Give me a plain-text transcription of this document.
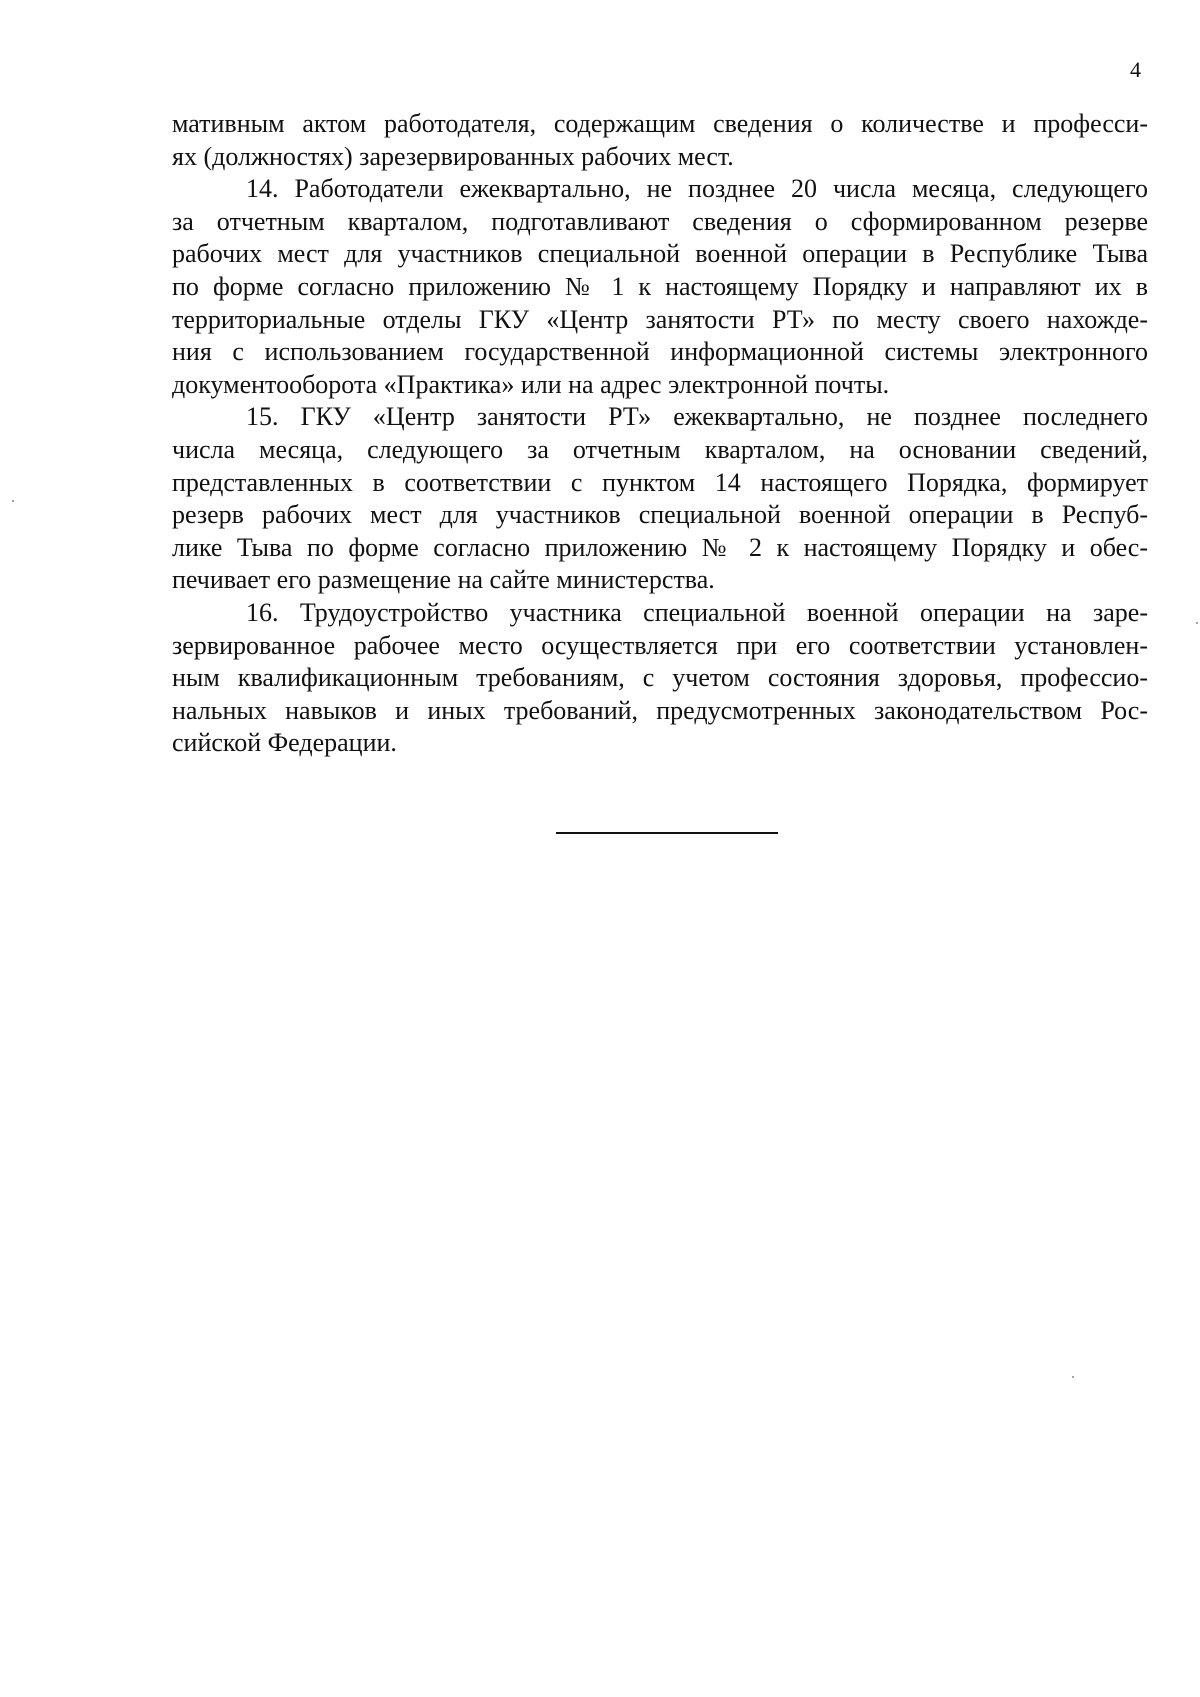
4
мативным актом работодателя, содержащим сведения о количестве и професси-
ях (должностях) зарезервированных рабочих мест.
14. Работодатели ежеквартально, не позднее 20 числа месяца, следующего
за отчетным кварталом, подготавливают сведения о сформированном резерве
рабочих мест для участников специальной военной операции в Республике Тыва
по форме согласно приложению № 1 к настоящему Порядку и направляют их в
территориальные отделы ГКУ «Центр занятости РТ» по месту своего нахожде-
ния с использованием государственной информационной системы электронного
документооборота «Практика» или на адрес электронной почты.
15. ГКУ «Центр занятости РТ» ежеквартально, не позднее последнего
числа месяца, следующего за отчетным кварталом, на основании сведений,
представленных в соответствии с пунктом 14 настоящего Порядка, формирует
резерв рабочих мест для участников специальной военной операции в Респуб-
лике Тыва по форме согласно приложению № 2 к настоящему Порядку и обес-
печивает его размещение на сайте министерства.
16. Трудоустройство участника специальной военной операции на заре-
зервированное рабочее место осуществляется при его соответствии установлен-
ным квалификационным требованиям, с учетом состояния здоровья, профессио-
нальных навыков и иных требований, предусмотренных законодательством Рос-
сийской Федерации.
